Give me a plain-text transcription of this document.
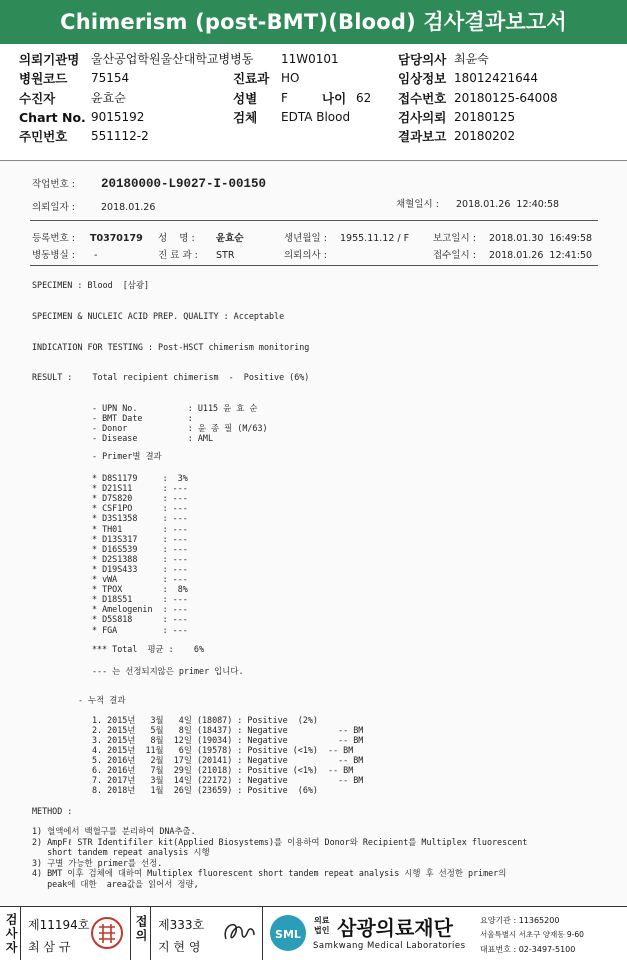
Chimerism (post-BMT)(Blood) 검사결과보고서
의뢰기관명 울산공업학원울산대학교병병동 11W0101	담당의사 최윤숙
병원코드 75154	진료과 HO	임상정보 18012421644
수진자	윤효순	성별 F	나이 62 접수번호 20180125-64008
Chart No. 9015192	검체 EDTA Blood	검사의뢰 20180125
주민번호 551112-2	결과보고 20180202
작업번호 : 20180000-L9027-I-00150
의뢰일자 :	2018.01.26	채혈일시 : 2018.01.26  12:40:58
등록번호 : T0370179 성    명 : 윤효순	생년월일 : 1955.11.12 / F	보고일시 : 2018.01.30  16:49:58
병동병실 : -	진 료 과 : STR	의뢰의사 :	접수일시 : 2018.01.26  12:41:50
SPECIMEN : Blood  [삼광]
SPECIMEN & NUCLEIC ACID PREP. QUALITY : Acceptable
INDICATION FOR TESTING : Post-HSCT chimerism monitoring
RESULT :    Total recipient chimerism  -  Positive (6%)
- UPN No.          : U115 윤 효 순
- BMT Date         :
- Donor            : 윤 종 필 (M/63)
- Disease          : AML
- Primer별 결과
* D8S1179     :  3%
* D21S11      : ---
* D7S820      : ---
* CSF1PO      : ---
* D3S1358     : ---
* TH01        : ---
* D13S317     : ---
* D16S539     : ---
* D2S1388     : ---
* D19S433     : ---
* vWA         : ---
* TPOX        :  8%
* D18S51      : ---
* Amelogenin  : ---
* D5S818      : ---
* FGA         : ---
*** Total  평균 :    6%
--- 는 선정되지않은 primer 입니다.
- 누적 결과
1. 2015년   3월   4일 (18087) : Positive  (2%)
2. 2015년   5월   8일 (18437) : Negative          -- BM
3. 2015년   8월  12일 (19034) : Negative          -- BM
4. 2015년  11월   6일 (19578) : Positive (<1%)  -- BM
5. 2016년   2월  17일 (20141) : Negative          -- BM
6. 2016년   7월  29일 (21018) : Positive (<1%)  -- BM
7. 2017년   3월  14일 (22172) : Negative          -- BM
8. 2018년   1월  26일 (23659) : Positive  (6%)
METHOD :
1) 혈액에서 백혈구를 분리하여 DNA추출.
2) AmpFℓ STR Identifiler kit(Applied Biosystems)를 이용하여 Donor와 Recipient를 Multiplex fluorescent
short tandem repeat analysis 시행
3) 구별 가능한 primer를 선정.
4) BMT 이후 검체에 대하여 Multiplex fluorescent short tandem repeat analysis 시행 후 선정한 primer의
peak에 대한  area값을 읽어서 정량,
검사자 제11194호
최 삼 규
접의 제333호
지 현 영
SML
의료법인 삼광의료재단
Samkwang Medical Laboratories
요양기관 : 11365200
서울특별시 서초구 양재동 9-60
대표번호 : 02-3497-5100
